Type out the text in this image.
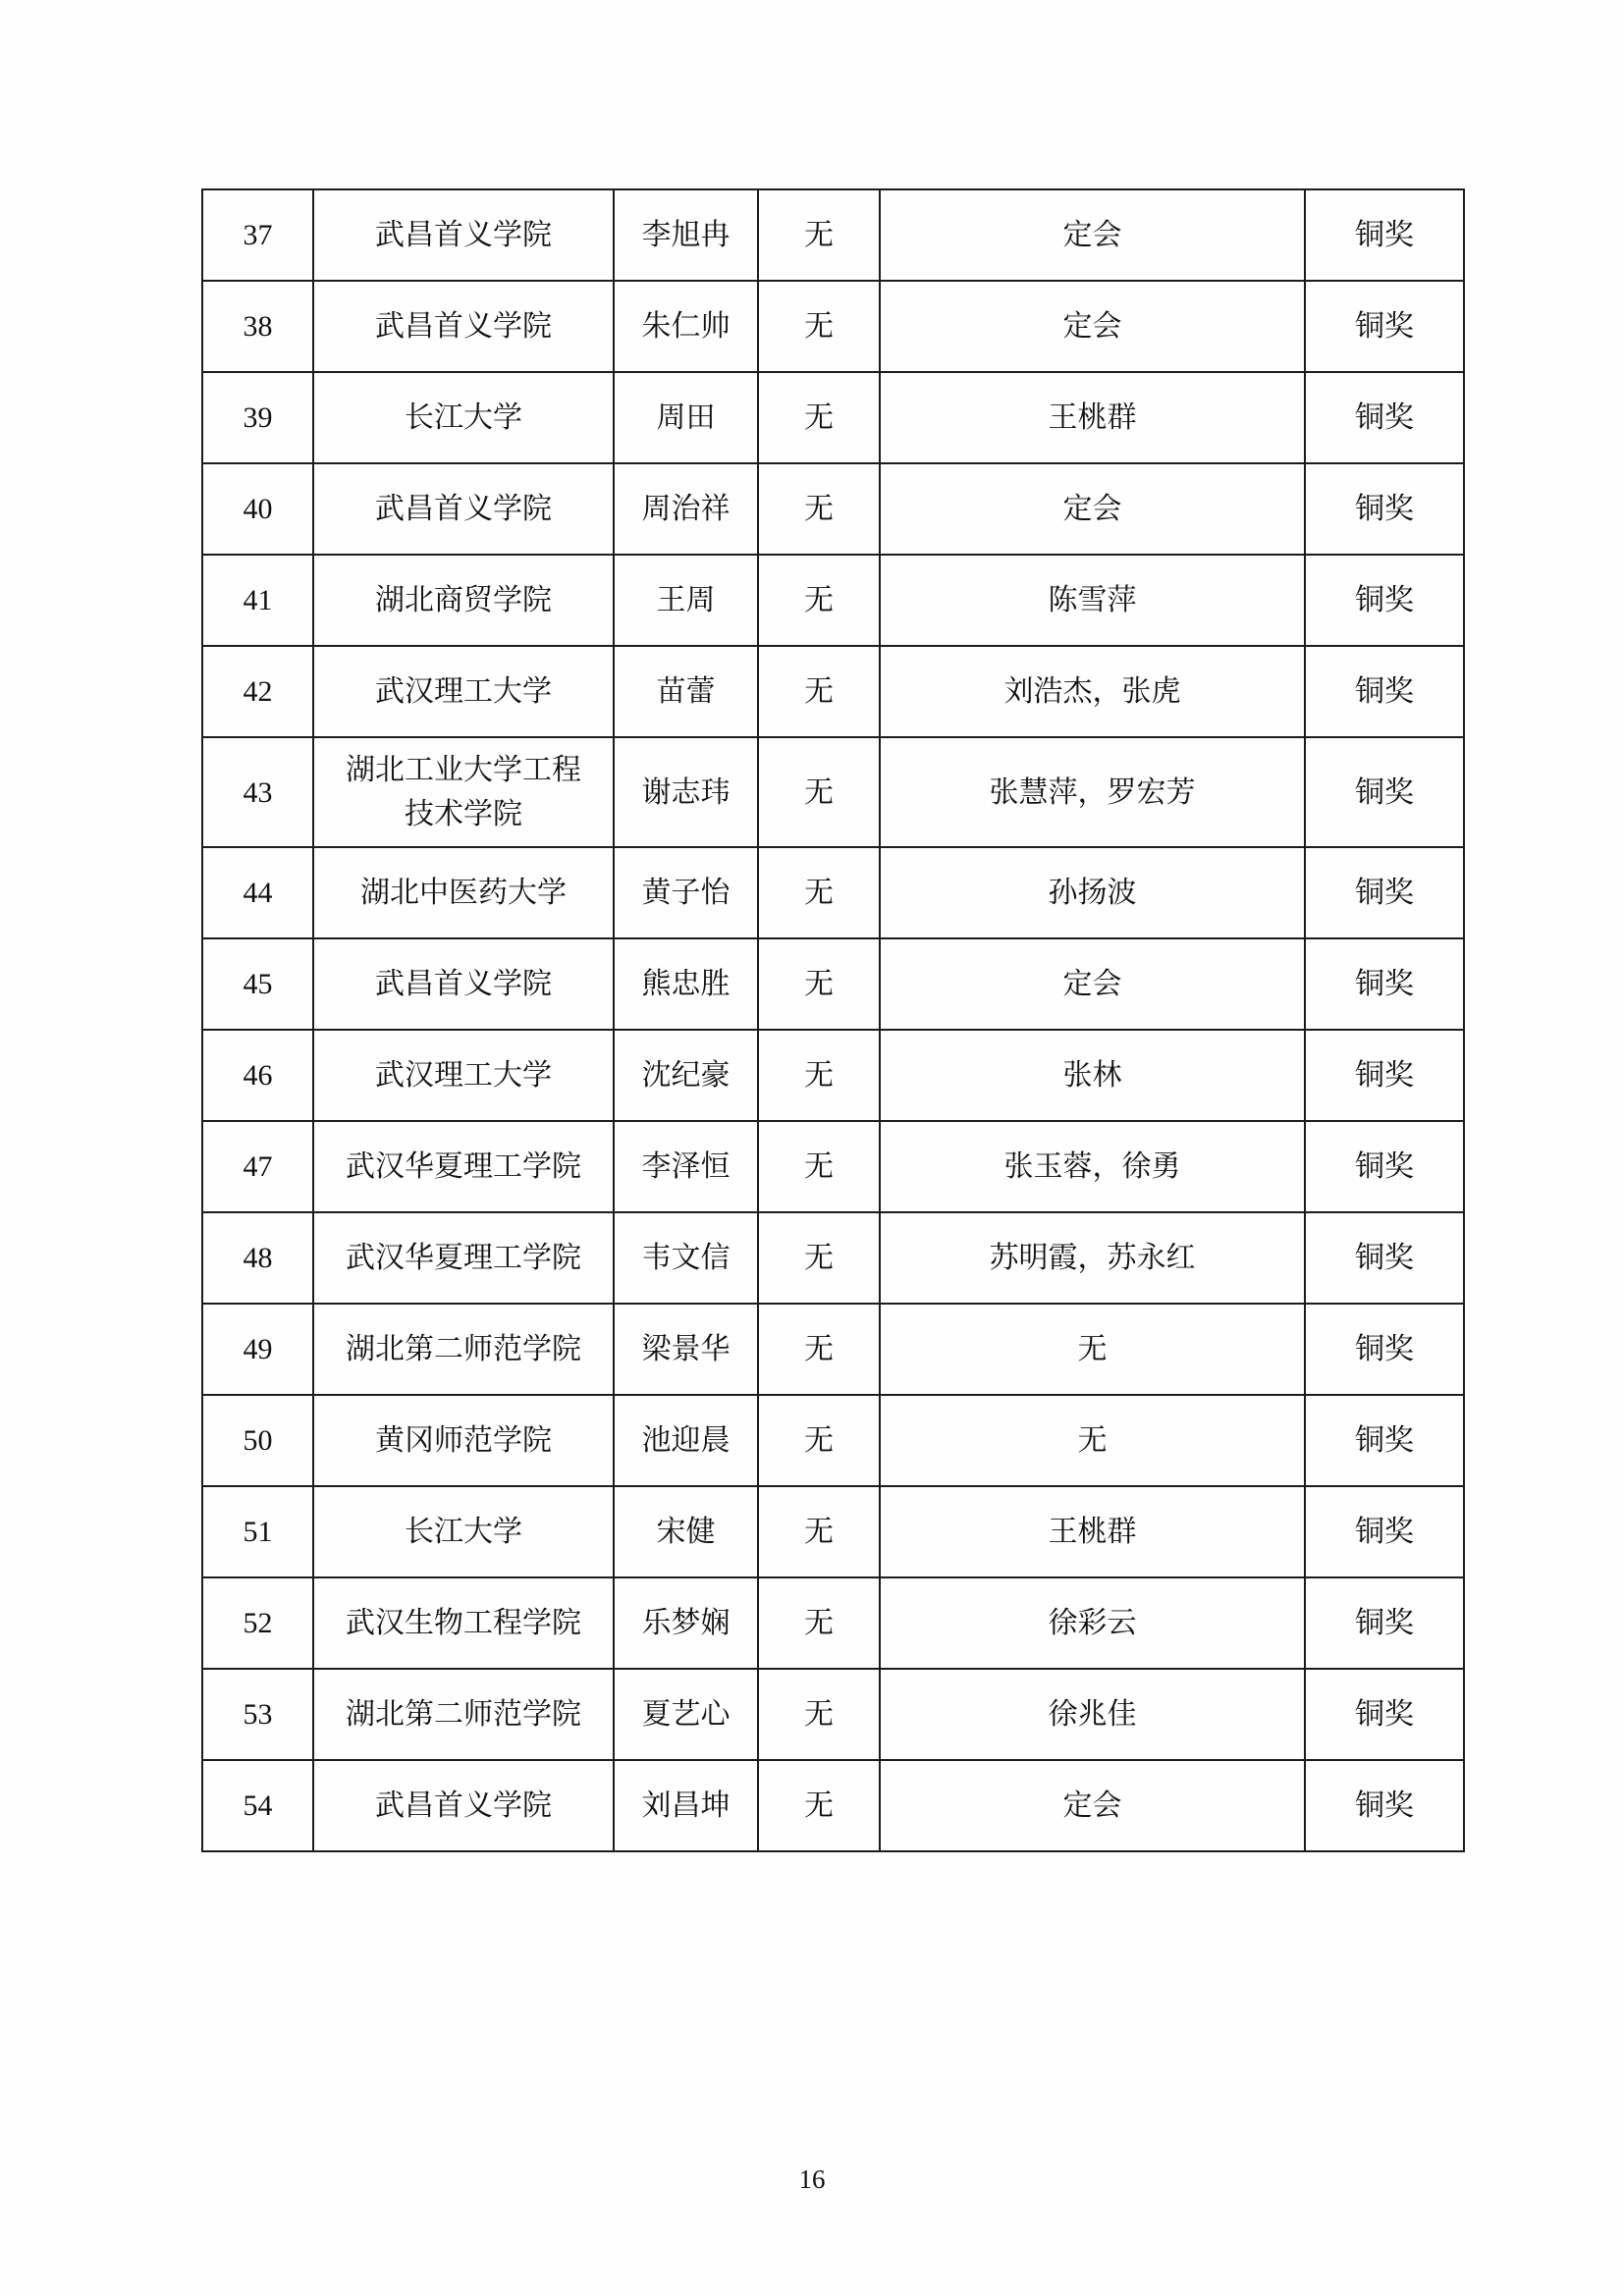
37	武昌首义学院	李旭冉	无	定会	铜奖
38	武昌首义学院	朱仁帅	无	定会	铜奖
39	长江大学	周田	无	王桃群	铜奖
40	武昌首义学院	周治祥	无	定会	铜奖
41	湖北商贸学院	王周	无	陈雪萍	铜奖
42	武汉理工大学	苗蕾	无	刘浩杰，张虎	铜奖
43	湖北工业大学工程技术学院	谢志玮	无	张慧萍，罗宏芳	铜奖
44	湖北中医药大学	黄子怡	无	孙扬波	铜奖
45	武昌首义学院	熊忠胜	无	定会	铜奖
46	武汉理工大学	沈纪豪	无	张林	铜奖
47	武汉华夏理工学院	李泽恒	无	张玉蓉，徐勇	铜奖
48	武汉华夏理工学院	韦文信	无	苏明霞，苏永红	铜奖
49	湖北第二师范学院	梁景华	无	无	铜奖
50	黄冈师范学院	池迎晨	无	无	铜奖
51	长江大学	宋健	无	王桃群	铜奖
52	武汉生物工程学院	乐梦娴	无	徐彩云	铜奖
53	湖北第二师范学院	夏艺心	无	徐兆佳	铜奖
54	武昌首义学院	刘昌坤	无	定会	铜奖
16
